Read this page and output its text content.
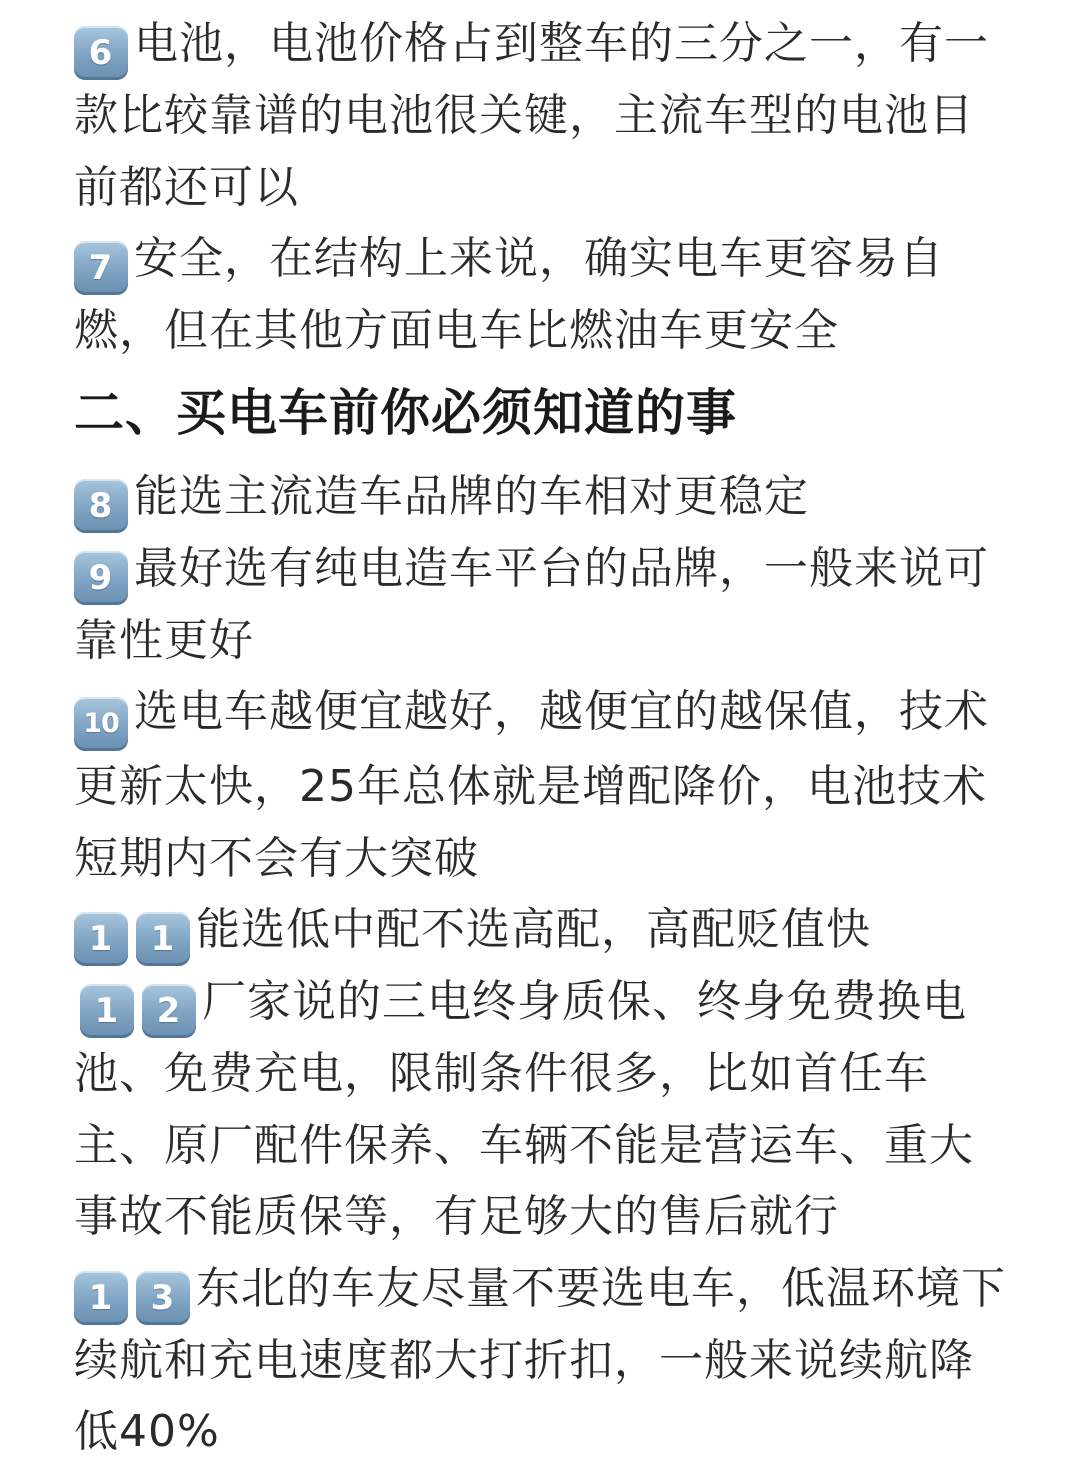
6 电池，电池价格占到整车的三分之一，有一款比较靠谱的电池很关键，主流车型的电池目前都还可以

7 安全，在结构上来说，确实电车更容易自燃，但在其他方面电车比燃油车更安全

二、买电车前你必须知道的事

8 能选主流造车品牌的车相对更稳定

9 最好选有纯电造车平台的品牌，一般来说可靠性更好

10 选电车越便宜越好，越便宜的越保值，技术更新太快，25年总体就是增配降价，电池技术短期内不会有大突破

1 1 能选低中配不选高配，高配贬值快

1 2 厂家说的三电终身质保、终身免费换电池、免费充电，限制条件很多，比如首任车主、原厂配件保养、车辆不能是营运车、重大事故不能质保等，有足够大的售后就行

1 3 东北的车友尽量不要选电车，低温环境下续航和充电速度都大打折扣，一般来说续航降低40%
